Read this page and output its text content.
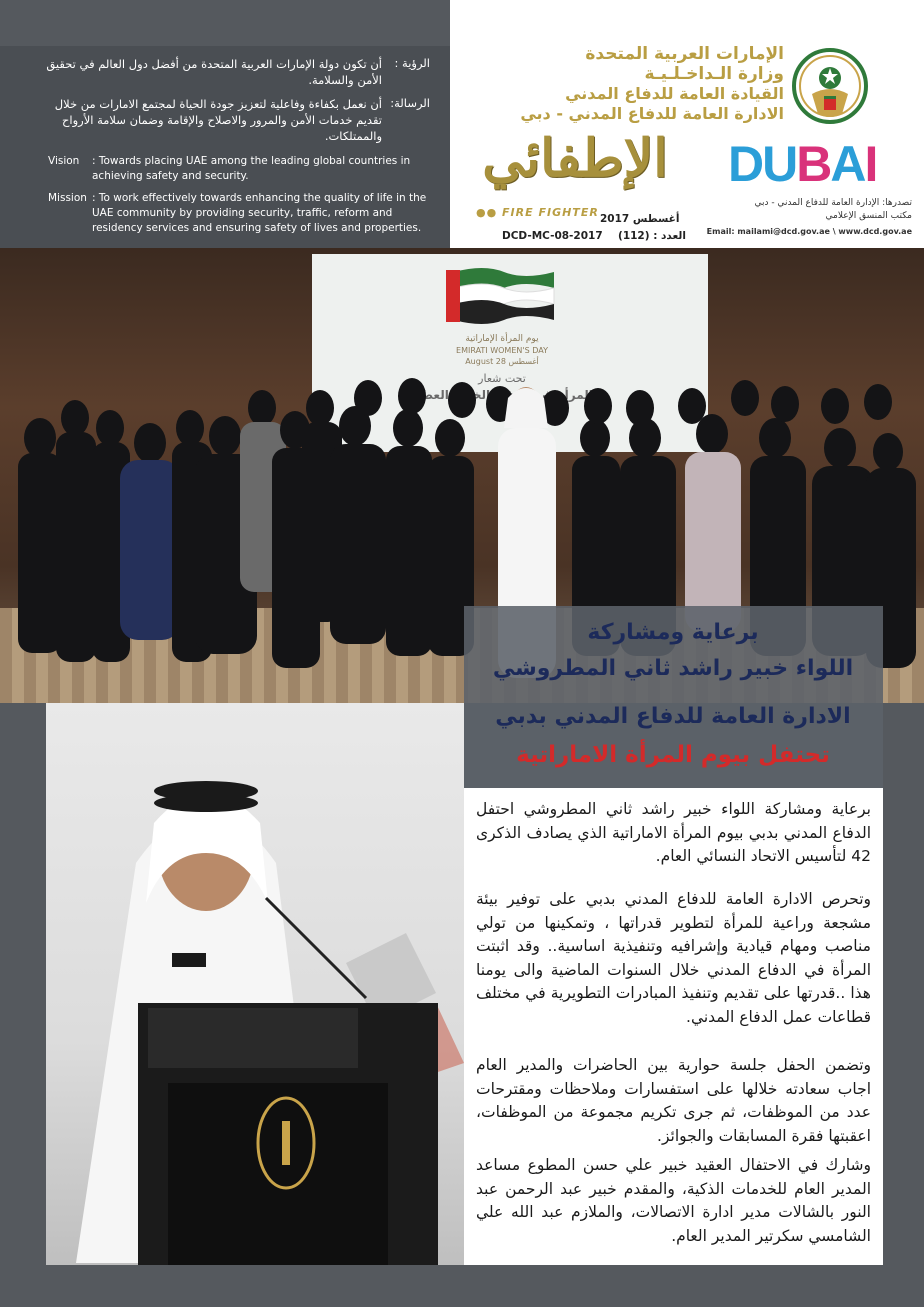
الرؤية :
أن تكون دولة الإمارات العربية المتحدة من أفضل دول العالم في تحقيق الأمن والسلامة.
الرسالة:
أن نعمل بكفاءة وفاعلية لتعزيز جودة الحياة لمجتمع الامارات من خلال تقديم خدمات الأمن والمرور والاصلاح والإقامة وضمان سلامة الأرواح والممتلكات.
Vision	: Towards placing UAE among the leading global countries in achieving safety and security.
Mission : To work effectively towards enhancing the quality of life in the UAE community by providing security, traffic, reform and residency services and ensuring safety of lives and properties.
الإمارات العربية المتحدة
وزارة الـداخـلـيـة
القيادة العامة للدفاع المدني
الادارة العامة للدفاع المدني - دبي
الإطفائي
●● FIRE FIGHTER أغسطس 2017
DCD-MC-08-2017 العدد : (112)
DUBAI
تصدرها: الإدارة العامة للدفاع المدني - دبي
مكتب المنسق الإعلامي
Email: mailami@dcd.gov.ae \ www.dcd.gov.ae
يوم المرأة الإماراتية
EMIRATI WOMEN'S DAY
August 28 أغسطس
تحت شعار
المرأة والعطاء
برعاية ومشاركة
اللواء خبير راشد ثاني المطروشي
الادارة العامة للدفاع المدني بدبي
تحتفل بيوم المرأة الاماراتية

برعاية ومشاركة اللواء خبير راشد ثاني المطروشي احتفل الدفاع المدني بدبي بيوم المرأة الاماراتية الذي يصادف الذكرى 42 لتأسيس الاتحاد النسائي العام.

وتحرص الادارة العامة للدفاع المدني بدبي على توفير بيئة مشجعة وراعية للمرأة لتطوير قدراتها ، وتمكينها من تولي مناصب ومهام قيادية وإشرافيه وتنفيذية اساسية.. وقد اثبتت المرأة في الدفاع المدني خلال السنوات الماضية والى يومنا هذا ..قدرتها على تقديم وتنفيذ المبادرات التطويرية في مختلف قطاعات عمل الدفاع المدني.

وتضمن الحفل جلسة حوارية بين الحاضرات والمدير العام اجاب سعادته خلالها على استفسارات وملاحظات ومقترحات عدد من الموظفات، ثم جرى تكريم مجموعة من الموظفات، اعقبتها فقرة المسابقات والجوائز.

وشارك في الاحتفال العقيد خبير علي حسن المطوع مساعد المدير العام للخدمات الذكية، والمقدم خبير عبد الرحمن عبد النور بالشالات مدير ادارة الاتصالات، والملازم عبد الله علي الشامسي سكرتير المدير العام.
